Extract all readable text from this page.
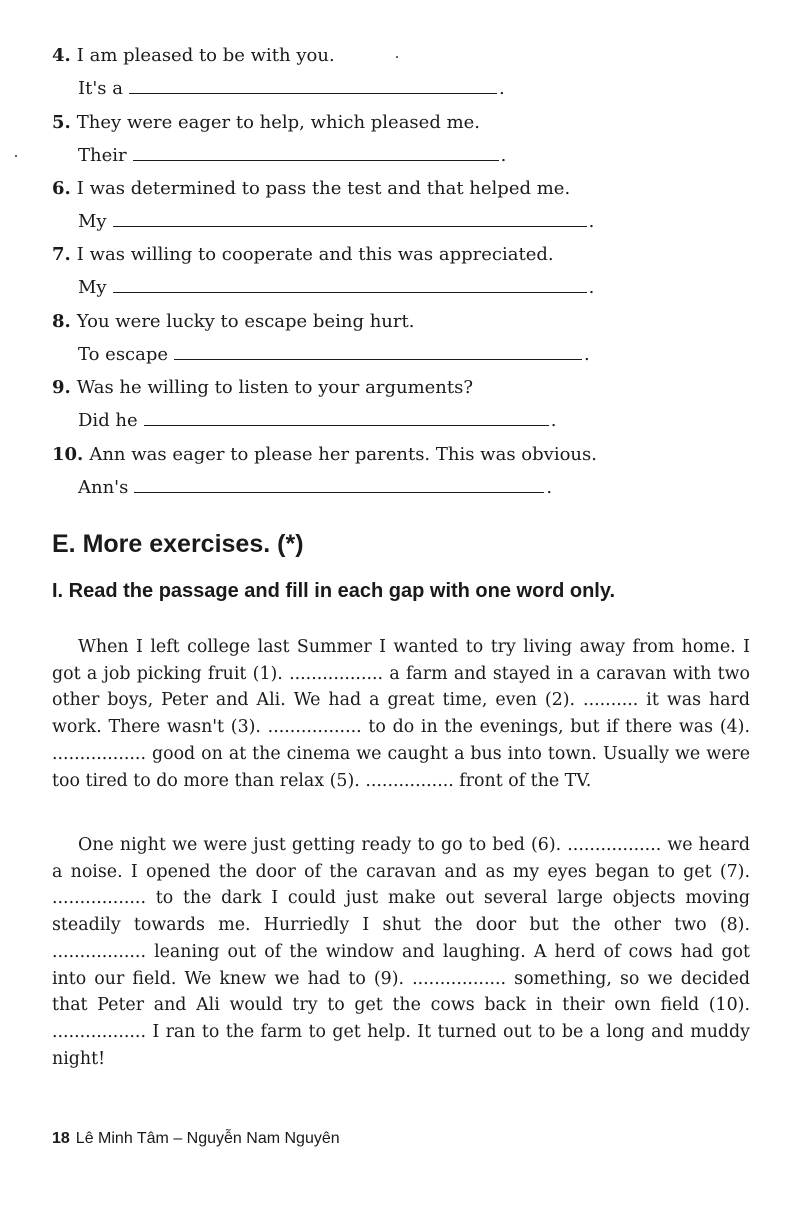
4. I am pleased to be with you.
It's a	.
5. They were eager to help, which pleased me.
Their	.
6. I was determined to pass the test and that helped me.
My	.
7. I was willing to cooperate and this was appreciated.
My	.
8. You were lucky to escape being hurt.
To escape	.
9. Was he willing to listen to your arguments?
Did he	.
10. Ann was eager to please her parents. This was obvious.
Ann's	.
E. More exercises. (*)
I. Read the passage and fill in each gap with one word only.

When I left college last Summer I wanted to try living away from home. I got a job picking fruit (1). ................. a farm and stayed in a caravan with two other boys, Peter and Ali. We had a great time, even (2). .......... it was hard work. There wasn't (3). ................. to do in the evenings, but if there was (4). ................. good on at the cinema we caught a bus into town. Usually we were too tired to do more than relax (5). ................ front of the TV.

One night we were just getting ready to go to bed (6). ................. we heard a noise. I opened the door of the caravan and as my eyes began to get (7). ................. to the dark I could just make out several large objects moving steadily towards me. Hurriedly I shut the door but the other two (8). ................. leaning out of the window and laughing. A herd of cows had got into our field. We knew we had to (9). ................. something, so we decided that Peter and Ali would try to get the cows back in their own field (10). ................. I ran to the farm to get help. It turned out to be a long and muddy night!

18 Lê Minh Tâm – Nguyễn Nam Nguyên
